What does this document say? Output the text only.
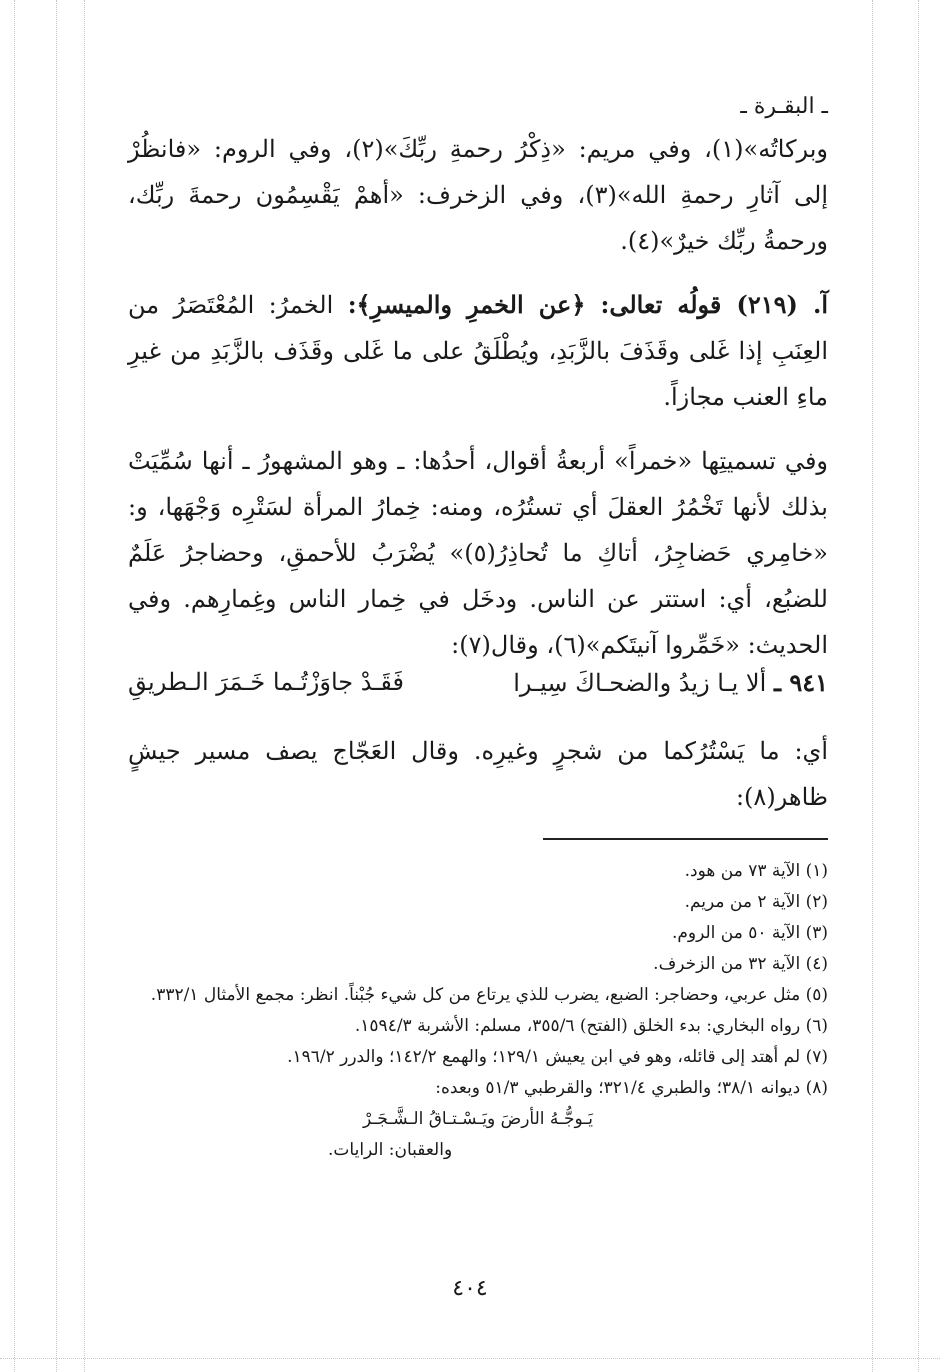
ـ البقـرة ـ

وبركاتُه»(١)، وفي مريم: «ذِكْرُ رحمةِ ربِّكَ»(٢)، وفي الروم: «فانظُرْ إلى آثارِ رحمةِ الله»(٣)، وفي الزخرف: «أهمْ يَقْسِمُون رحمةَ ربِّك، ورحمةُ ربِّك خيرٌ»(٤).

آ. (٢١٩) قولُه تعالى: ﴿عن الخمرِ والميسرِ﴾: الخمرُ: المُعْتَصَرُ من العِنَبِ إذا غَلى وقَذَفَ بالزَّبَدِ، ويُطْلَقُ على ما غَلى وقَذَف بالزَّبَدِ من غيرِ ماءِ العنب مجازاً.

وفي تسميتِها «خمراً» أربعةُ أقوال، أحدُها: ـ وهو المشهورُ ـ أنها سُمِّيَتْ بذلك لأنها تَخْمُرُ العقلَ أي تستُرُه، ومنه: خِمارُ المرأة لسَتْرِه وَجْهَها، و: «خامِري حَضاجِرُ، أتاكِ ما تُحاذِرُ(٥)» يُضْرَبُ للأحمقِ، وحضاجرُ عَلَمٌ للضبُع، أي: استتر عن الناس. ودخَل في خِمار الناس وغِمارِهم. وفي الحديث: «خَمِّروا آنيتَكم»(٦)، وقال(٧):

٩٤١ ـ ألا يـا زيدُ والضحـاكَ سِيـرا
فَقَـدْ جاوَزْتُـما خَـمَرَ الـطريقِ

أي: ما يَسْتُرُكما من شجرٍ وغيرِه. وقال العَجّاج يصف مسير جيشٍ ظاهر(٨):

(١) الآية ٧٣ من هود.

(٢) الآية ٢ من مريم.

(٣) الآية ٥٠ من الروم.

(٤) الآية ٣٢ من الزخرف.

(٥) مثل عربي، وحضاجر: الضبع، يضرب للذي يرتاع من كل شيء جُبْناً. انظر: مجمع الأمثال ٣٣٢/١.

(٦) رواه البخاري: بدء الخلق (الفتح) ٣٥٥/٦، مسلم: الأشربة ١٥٩٤/٣.

(٧) لم أهتد إلى قائله، وهو في ابن يعيش ١٢٩/١؛ والهمع ١٤٢/٢؛ والدرر ١٩٦/٢.

(٨) ديوانه ٣٨/١؛ والطبري ٣٢١/٤؛ والقرطبي ٥١/٣ وبعده:

يَـوجُّـهُ الأرضَ ويَـسْـتـاقُ الـشَّـجَـرْ

والعقبان: الرايات.

٤٠٤
